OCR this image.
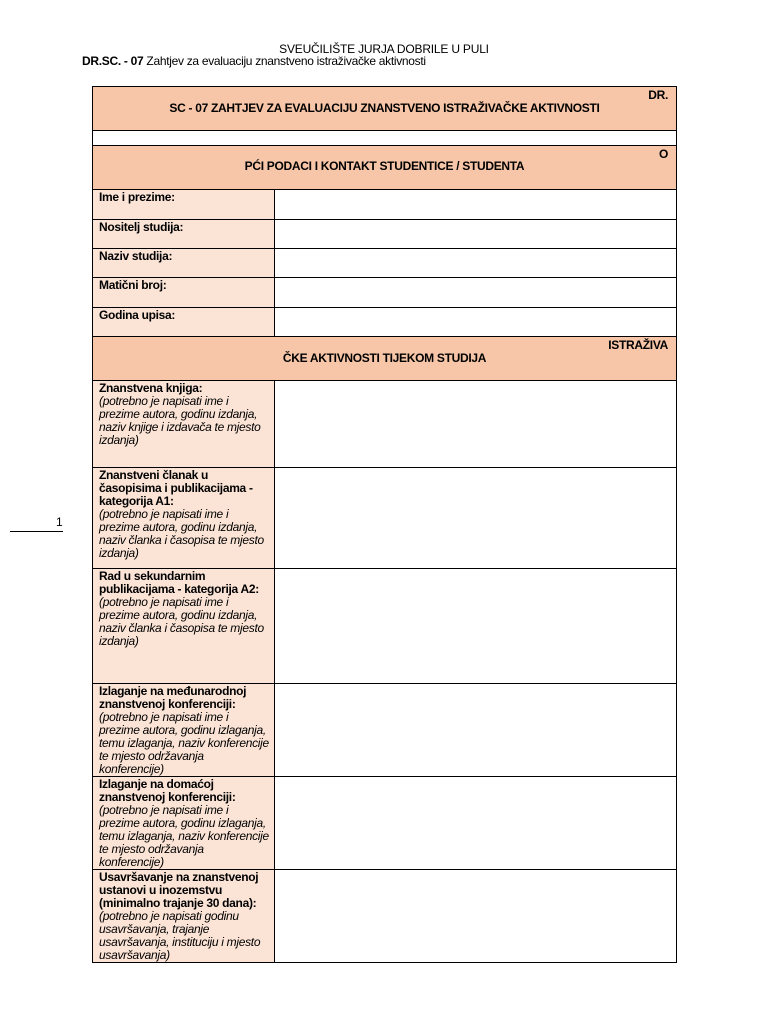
SVEUČILIŠTE JURJA DOBRILE U PULI
DR.SC. - 07 Zahtjev za evaluaciju znanstveno istraživačke aktivnosti
1
DR.
SC - 07 ZAHTJEV ZA EVALUACIJU ZNANSTVENO ISTRAŽIVAČKE AKTIVNOSTI	

O
PĆI PODACI I KONTAKT STUDENTICE / STUDENTA	

Ime i prezime:	
Nositelj studija:	
Naziv studija:	
Matični broj:	
Godina upisa:	

ISTRAŽIVA
ČKE AKTIVNOSTI TIJEKOM STUDIJA	

Znanstvena knjiga:
(potrebno je napisati ime i prezime autora, godinu izdanja, naziv knjige i izdavača te mjesto izdanja)	

Znanstveni članak u časopisima i publikacijama - kategorija A1:
(potrebno je napisati ime i prezime autora, godinu izdanja, naziv članka i časopisa te mjesto izdanja)	

Rad u sekundarnim publikacijama - kategorija A2:
(potrebno je napisati ime i prezime autora, godinu izdanja, naziv članka i časopisa te mjesto izdanja)	

Izlaganje na međunarodnoj znanstvenoj konferenciji:
(potrebno je napisati ime i prezime autora, godinu izlaganja, temu izlaganja, naziv konferencije te mjesto održavanja konferencije)	

Izlaganje na domaćoj znanstvenoj konferenciji:
(potrebno je napisati ime i prezime autora, godinu izlaganja, temu izlaganja, naziv konferencije te mjesto održavanja konferencije)	

Usavršavanje na znanstvenoj ustanovi u inozemstvu (minimalno trajanje 30 dana):
(potrebno je napisati godinu usavršavanja, trajanje usavršavanja, instituciju i mjesto usavršavanja)	
